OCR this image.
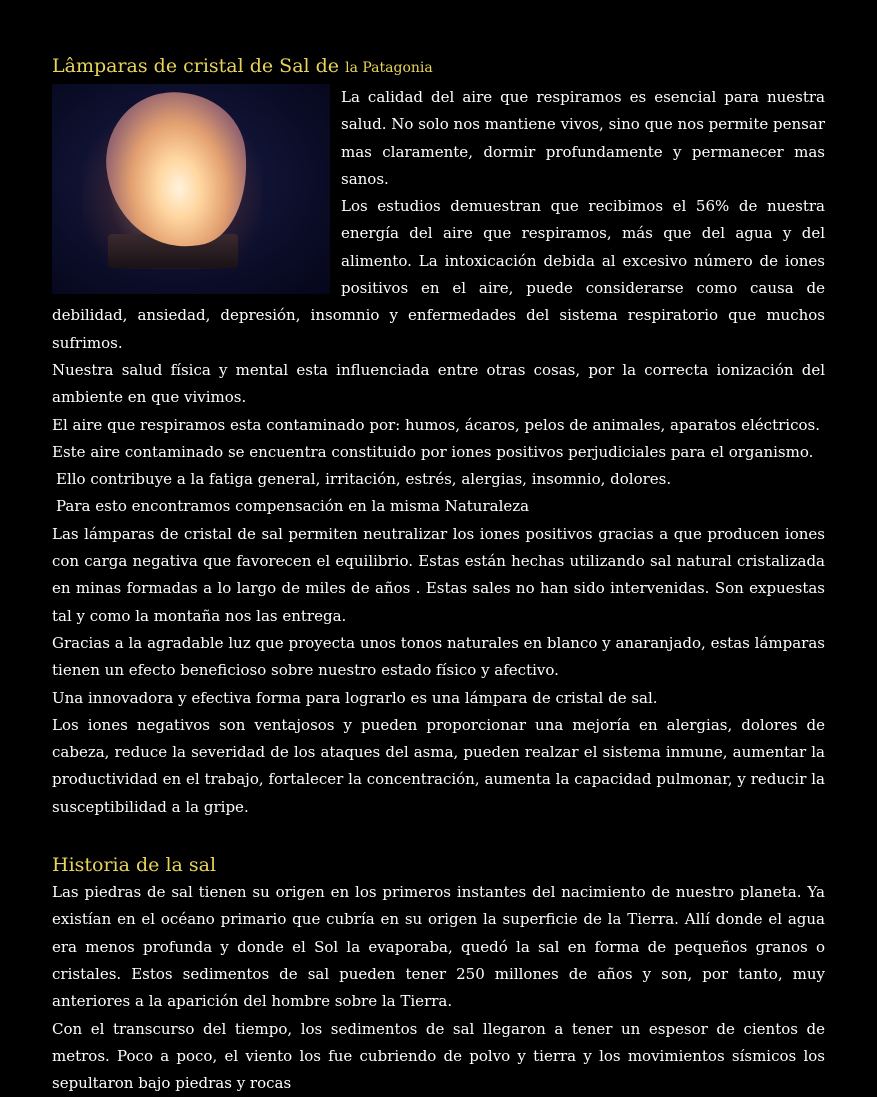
Lâmparas de cristal de Sal de la Patagonia

La calidad del aire que respiramos es esencial para nuestra salud. No solo nos mantiene vivos, sino que nos permite pensar mas claramente, dormir profundamente y permanecer mas sanos.

Los estudios demuestran que recibimos el 56% de nuestra energía del aire que respiramos, más que del agua y del alimento. La intoxicación debida al excesivo número de iones positivos en el aire, puede considerarse como causa de debilidad, ansiedad, depresión, insomnio y enfermedades del sistema respiratorio que muchos sufrimos.

Nuestra salud física y mental esta influenciada entre otras cosas, por la correcta ionización del ambiente en que vivimos.

El aire que respiramos esta contaminado por: humos, ácaros, pelos de animales, aparatos eléctricos.

Este aire contaminado se encuentra constituido por iones positivos perjudiciales para el organismo.

Ello contribuye a la fatiga general, irritación, estrés, alergias, insomnio, dolores.

Para esto encontramos compensación en la misma Naturaleza

Las lámparas de cristal de sal permiten neutralizar los iones positivos gracias a que producen iones con carga negativa que favorecen el equilibrio. Estas están hechas utilizando sal natural cristalizada en minas formadas a lo largo de miles de años . Estas sales no han sido intervenidas. Son expuestas tal y como la montaña nos las entrega.

Gracias a la agradable luz que proyecta unos tonos naturales en blanco y anaranjado, estas lámparas tienen un efecto beneficioso sobre nuestro estado físico y afectivo.

Una innovadora y efectiva forma para lograrlo es una lámpara de cristal de sal.

Los iones negativos son ventajosos y pueden proporcionar una mejoría en alergias, dolores de cabeza, reduce la severidad de los ataques del asma, pueden realzar el sistema inmune, aumentar la productividad en el trabajo, fortalecer la concentración, aumenta la capacidad pulmonar, y reducir la susceptibilidad a la gripe.

Historia de la sal

Las piedras de sal tienen su origen en los primeros instantes del nacimiento de nuestro planeta. Ya existían en el océano primario que cubría en su origen la superficie de la Tierra. Allí donde el agua era menos profunda y donde el Sol la evaporaba, quedó la sal en forma de pequeños granos o cristales. Estos sedimentos de sal pueden tener 250 millones de años y son, por tanto, muy anteriores a la aparición del hombre sobre la Tierra.

Con el transcurso del tiempo, los sedimentos de sal llegaron a tener un espesor de cientos de metros. Poco a poco, el viento los fue cubriendo de polvo y tierra y los movimientos sísmicos los sepultaron bajo piedras y rocas
